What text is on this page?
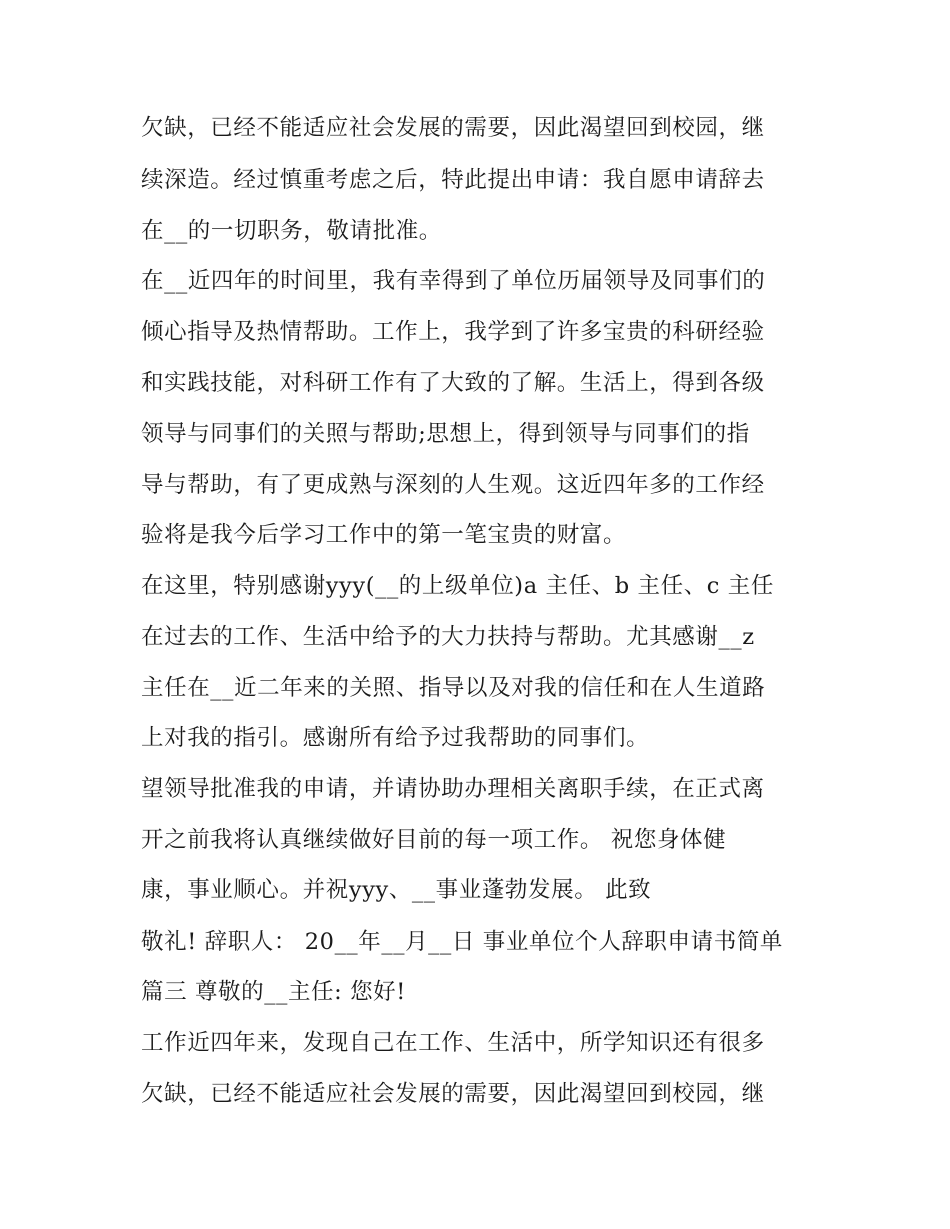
欠缺，已经不能适应社会发展的需要，因此渴望回到校园，继
续深造。经过慎重考虑之后，特此提出申请：我自愿申请辞去
在__的一切职务，敬请批准。
在__近四年的时间里，我有幸得到了单位历届领导及同事们的
倾心指导及热情帮助。工作上，我学到了许多宝贵的科研经验
和实践技能，对科研工作有了大致的了解。生活上，得到各级
领导与同事们的关照与帮助;思想上，得到领导与同事们的指
导与帮助，有了更成熟与深刻的人生观。这近四年多的工作经
验将是我今后学习工作中的第一笔宝贵的财富。
在这里，特别感谢yyy(__的上级单位)a 主任、b 主任、c 主任
在过去的工作、生活中给予的大力扶持与帮助。尤其感谢__z
主任在__近二年来的关照、指导以及对我的信任和在人生道路
上对我的指引。感谢所有给予过我帮助的同事们。
望领导批准我的申请，并请协助办理相关离职手续，在正式离
开之前我将认真继续做好目前的每一项工作。 祝您身体健
康，事业顺心。并祝yyy、__事业蓬勃发展。 此致
敬礼! 辞职人： 20__年__月__日 事业单位个人辞职申请书简单
篇三 尊敬的__主任: 您好!
工作近四年来，发现自己在工作、生活中，所学知识还有很多
欠缺，已经不能适应社会发展的需要，因此渴望回到校园，继
